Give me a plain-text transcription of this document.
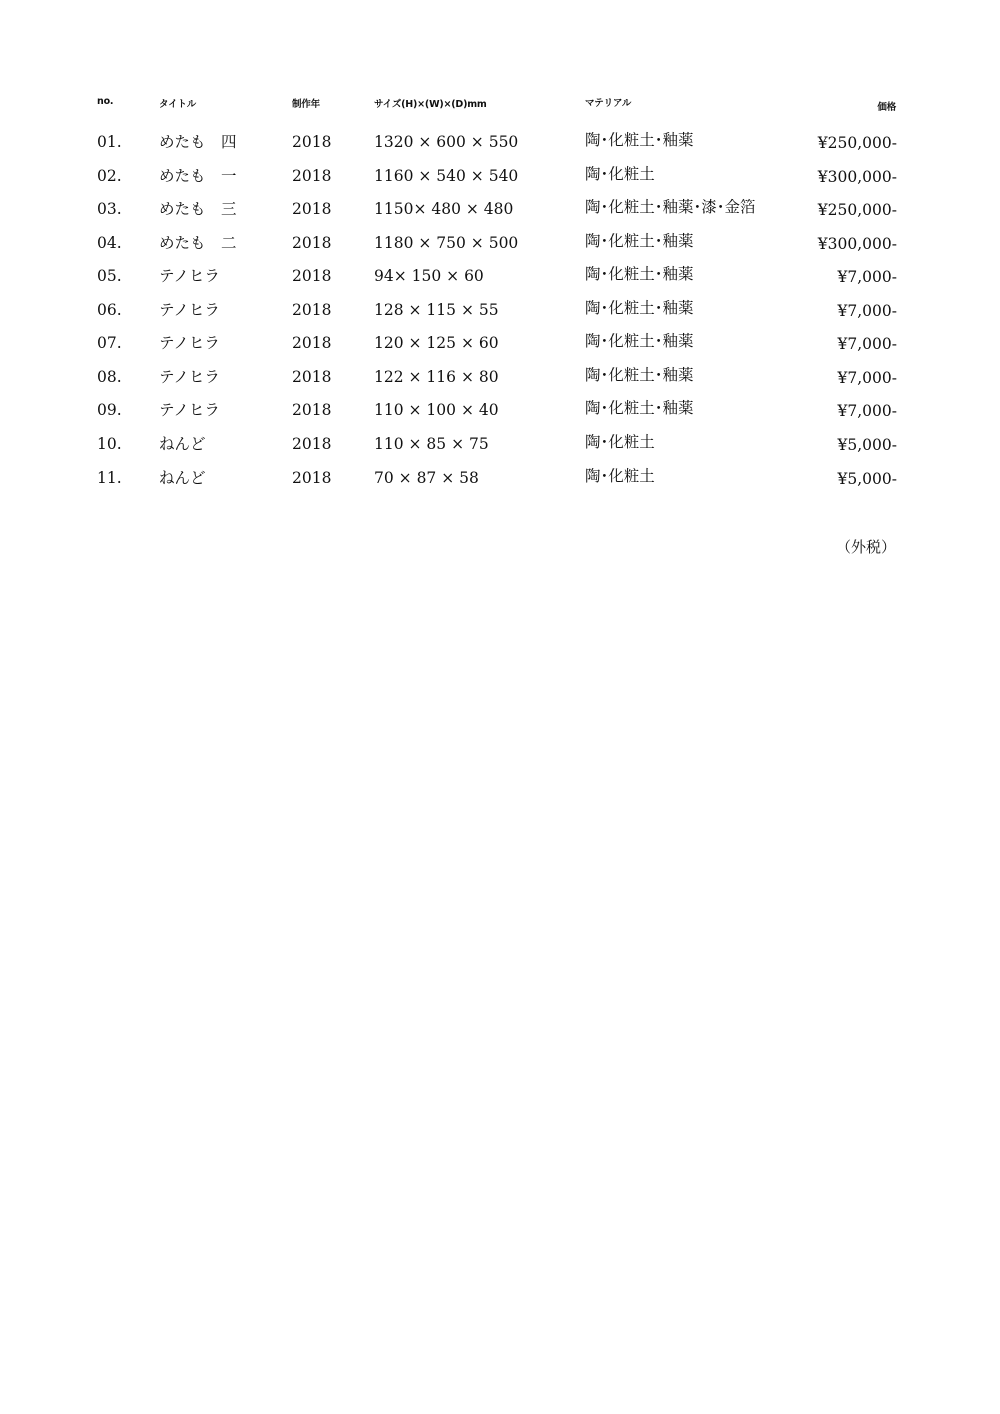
no.	タイトル	制作年	サイズ(H)×(W)×(D)mm	マテリアル	価格
01. めたも　四	2018	1320 × 600 × 550	陶･化粧土･釉薬	¥250,000-
02. めたも　一	2018	1160 × 540 × 540	陶･化粧土	¥300,000-
03. めたも　三	2018	1150× 480 × 480	陶･化粧土･釉薬･漆･金箔	¥250,000-
04. めたも　二	2018	1180 × 750 × 500	陶･化粧土･釉薬	¥300,000-
05. テノヒラ	2018	94× 150 × 60	陶･化粧土･釉薬	¥7,000-
06. テノヒラ	2018	128 × 115 × 55	陶･化粧土･釉薬	¥7,000-
07. テノヒラ	2018	120 × 125 × 60	陶･化粧土･釉薬	¥7,000-
08. テノヒラ	2018	122 × 116 × 80	陶･化粧土･釉薬	¥7,000-
09. テノヒラ	2018	110 × 100 × 40	陶･化粧土･釉薬	¥7,000-
10. ねんど	2018	110 × 85 × 75	陶･化粧土	¥5,000-
11. ねんど	2018	70 × 87 × 58	陶･化粧土	¥5,000-
（外税）
